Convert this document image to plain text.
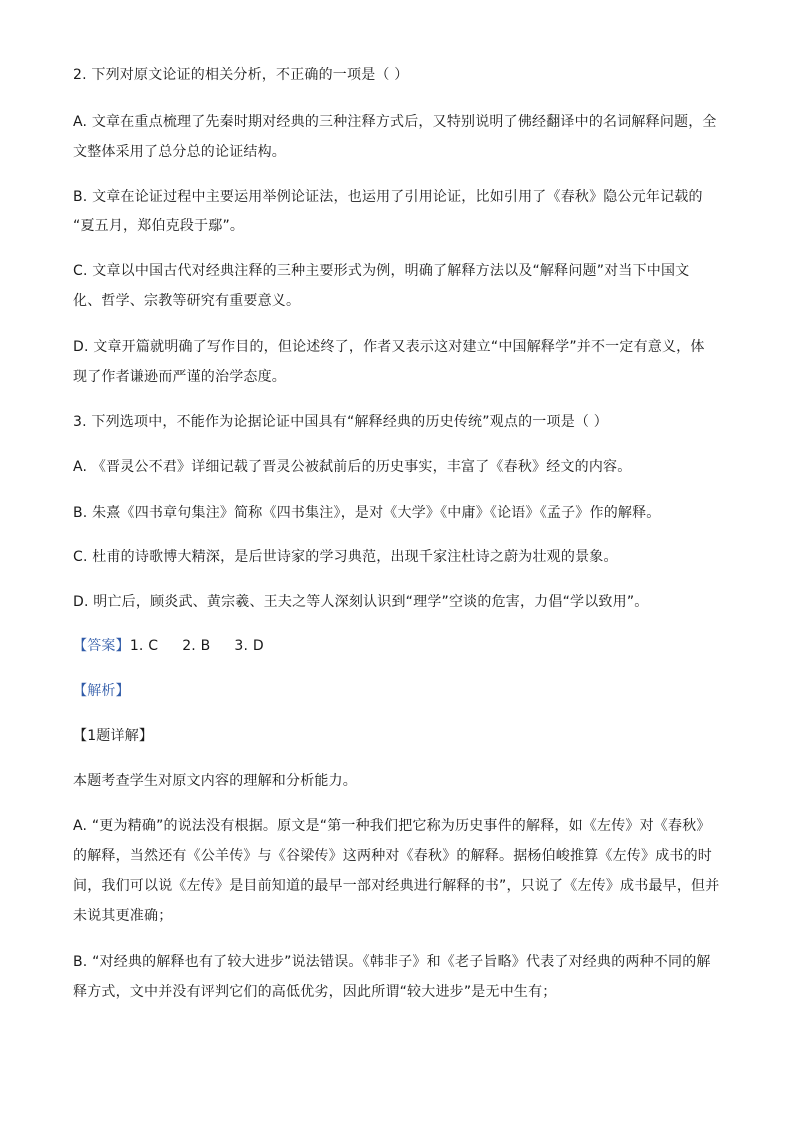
2. 下列对原文论证的相关分析，不正确的一项是（ ）
A. 文章在重点梳理了先秦时期对经典的三种注释方式后，又特别说明了佛经翻译中的名词解释问题，全
文整体采用了总分总的论证结构。
B. 文章在论证过程中主要运用举例论证法，也运用了引用论证，比如引用了《春秋》隐公元年记载的
“夏五月，郑伯克段于鄢”。
C. 文章以中国古代对经典注释的三种主要形式为例，明确了解释方法以及“解释问题”对当下中国文
化、哲学、宗教等研究有重要意义。
D. 文章开篇就明确了写作目的，但论述终了，作者又表示这对建立“中国解释学”并不一定有意义，体
现了作者谦逊而严谨的治学态度。
3. 下列选项中，不能作为论据论证中国具有“解释经典的历史传统”观点的一项是（ ）
A. 《晋灵公不君》详细记载了晋灵公被弑前后的历史事实，丰富了《春秋》经文的内容。
B. 朱熹《四书章句集注》简称《四书集注》，是对《大学》《中庸》《论语》《孟子》作的解释。
C. 杜甫的诗歌博大精深，是后世诗家的学习典范，出现千家注杜诗之蔚为壮观的景象。
D. 明亡后，顾炎武、黄宗羲、王夫之等人深刻认识到“理学”空谈的危害，力倡“学以致用”。
【答案】1. C 2. B 3. D
【解析】
【1题详解】
本题考查学生对原文内容的理解和分析能力。
A. “更为精确”的说法没有根据。原文是“第一种我们把它称为历史事件的解释，如《左传》对《春秋》
的解释，当然还有《公羊传》与《谷梁传》这两种对《春秋》的解释。据杨伯峻推算《左传》成书的时
间，我们可以说《左传》是目前知道的最早一部对经典进行解释的书”，只说了《左传》成书最早，但并
未说其更准确；
B. “对经典的解释也有了较大进步”说法错误。《韩非子》和《老子旨略》代表了对经典的两种不同的解
释方式，文中并没有评判它们的高低优劣，因此所谓“较大进步”是无中生有；
